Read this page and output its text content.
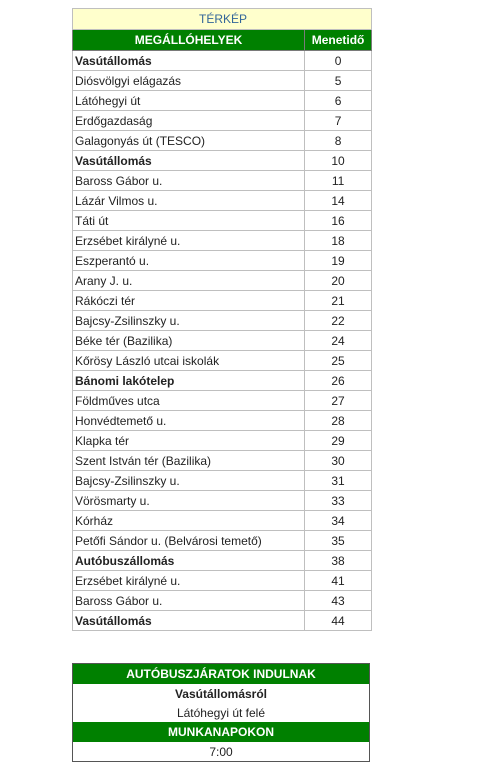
TÉRKÉP	
MEGÁLLÓHELYEK	Menetidő
Vasútállomás	0
Diósvölgyi elágazás	5
Látóhegyi út	6
Erdőgazdaság	7
Galagonyás út (TESCO)	8
Vasútállomás	10
Baross Gábor u.	11
Lázár Vilmos u.	14
Táti út	16
Erzsébet királyné u.	18
Eszperantó u.	19
Arany J. u.	20
Rákóczi tér	21
Bajcsy-Zsilinszky u.	22
Béke tér (Bazilika)	24
Kőrösy László utcai iskolák	25
Bánomi lakótelep	26
Földműves utca	27
Honvédtemető u.	28
Klapka tér	29
Szent István tér (Bazilika)	30
Bajcsy-Zsilinszky u.	31
Vörösmarty u.	33
Kórház	34
Petőfi Sándor u. (Belvárosi temető)	35
Autóbuszállomás	38
Erzsébet királyné u.	41
Baross Gábor u.	43
Vasútállomás	44
AUTÓBUSZJÁRATOK INDULNAK
Vasútállomásról
Látóhegyi út felé
MUNKANAPOKON
7:00
